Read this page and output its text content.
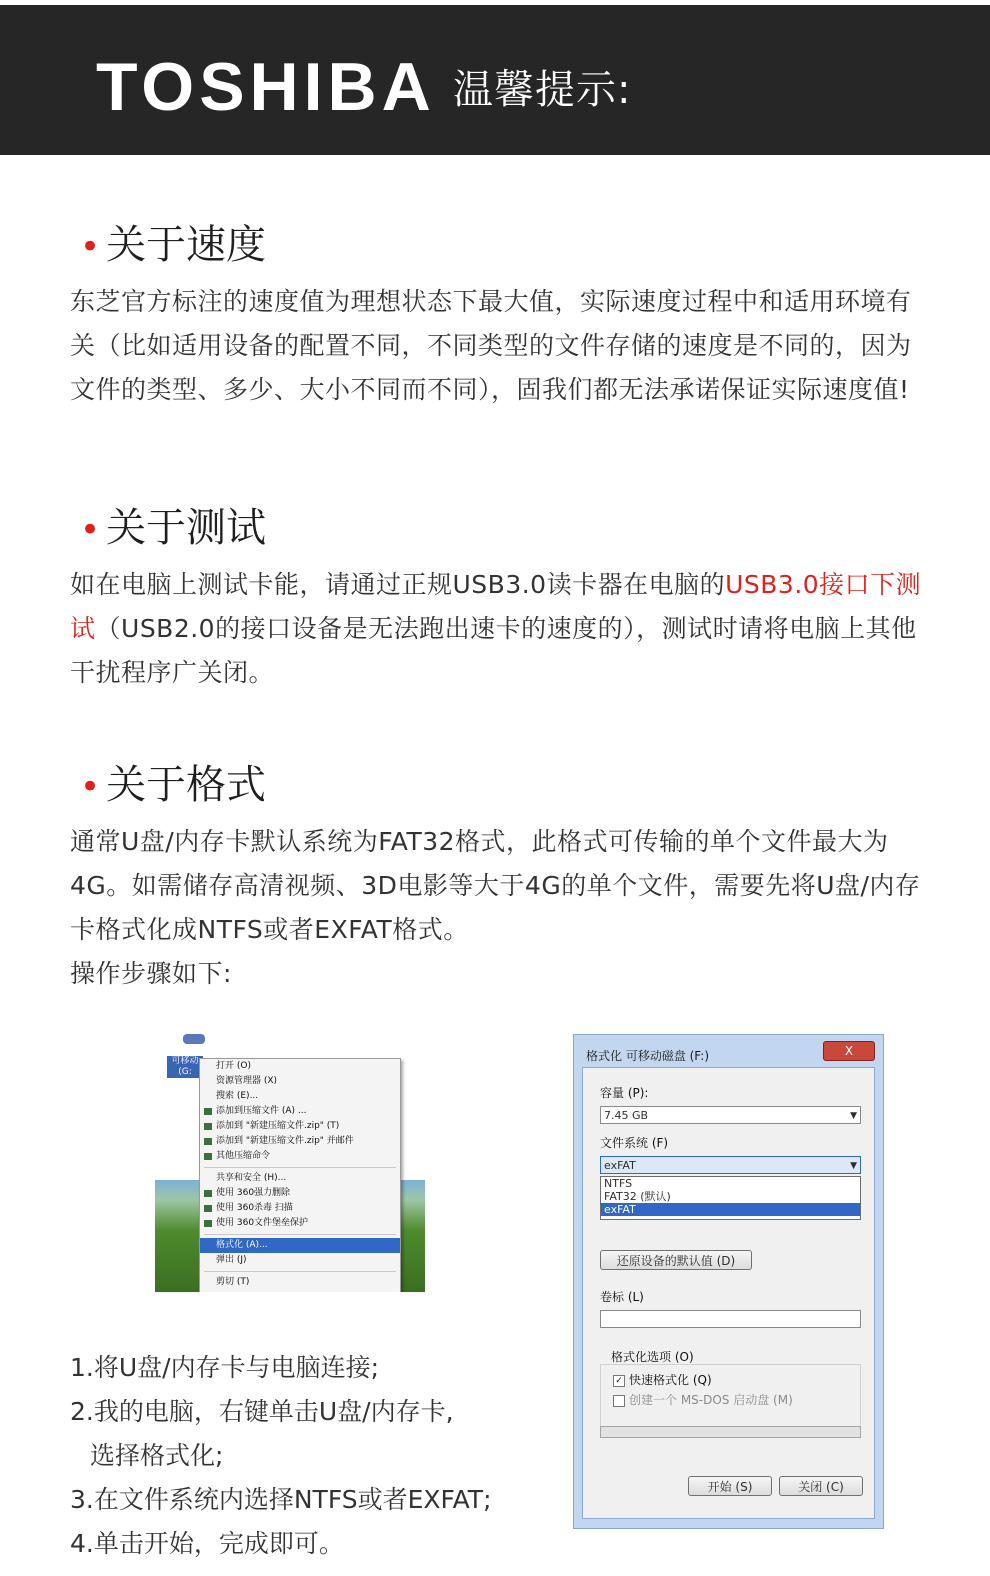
TOSHIBA 温馨提示:
• 关于速度
东芝官方标注的速度值为理想状态下最大值，实际速度过程中和适用环境有关（比如适用设备的配置不同，不同类型的文件存储的速度是不同的，因为文件的类型、多少、大小不同而不同），固我们都无法承诺保证实际速度值!
• 关于测试
如在电脑上测试卡能，请通过正规USB3.0读卡器在电脑的USB3.0接口下测试（USB2.0的接口设备是无法跑出速卡的速度的），测试时请将电脑上其他干扰程序广关闭。
• 关于格式
通常U盘/内存卡默认系统为FAT32格式，此格式可传输的单个文件最大为4G。如需储存高清视频、3D电影等大于4G的单个文件，需要先将U盘/内存卡格式化成NTFS或者EXFAT格式。
操作步骤如下:
可移动 (G:
打开 (O)
资源管理器 (X)
搜索 (E)...
添加到压缩文件 (A) ...
添加到 "新建压缩文件.zip" (T)
添加到 "新建压缩文件.zip" 并邮件
其他压缩命令
共享和安全 (H)...
使用 360强力删除
使用 360杀毒 扫描
使用 360文件堡垒保护
格式化 (A)...
弹出 (J)
剪切 (T)
格式化 可移动磁盘 (F:)	X
容量 (P):
7.45 GB	▼
文件系统 (F)
exFAT	▼
NTFS
FAT32 (默认)
exFAT
还原设备的默认值 (D)
卷标 (L)
格式化选项 (O)
✓ 快速格式化 (Q)
创建一个 MS-DOS 启动盘 (M)
开始 (S)	关闭 (C)
1.将U盘/内存卡与电脑连接;
2.我的电脑，右键单击U盘/内存卡,
选择格式化;
3.在文件系统内选择NTFS或者EXFAT;
4.单击开始，完成即可。
